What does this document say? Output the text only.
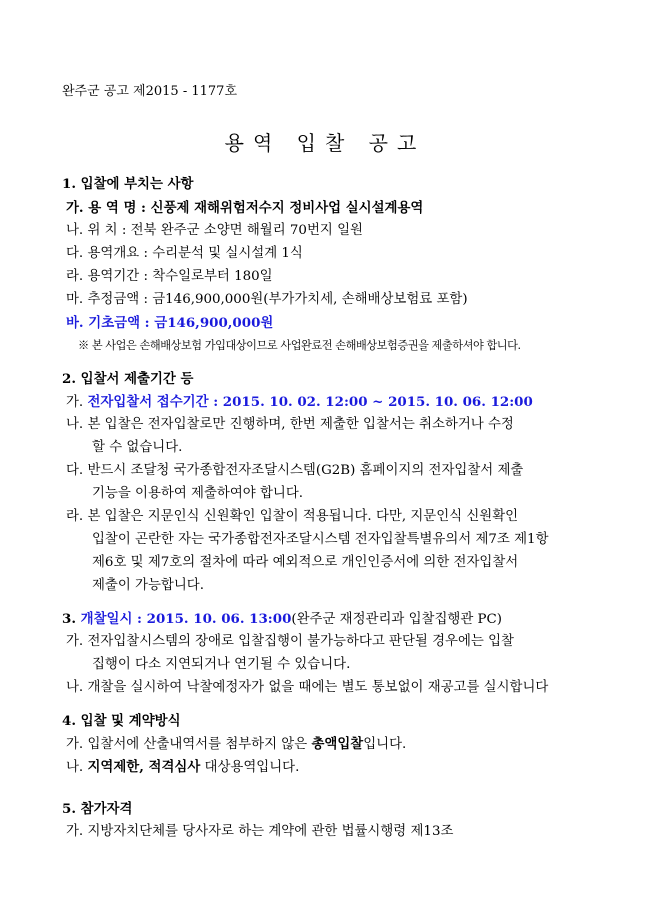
완주군 공고 제2015 - 1177호
용역 입찰 공고
1. 입찰에 부치는 사항
가. 용 역 명 : 신풍제 재해위험저수지 정비사업 실시설계용역
나. 위 치 : 전북 완주군 소양면 해월리 70번지 일원
다. 용역개요 : 수리분석 및 실시설계 1식
라. 용역기간 : 착수일로부터 180일
마. 추정금액 : 금146,900,000원(부가가치세, 손해배상보험료 포함)
바. 기초금액 : 금146,900,000원
※ 본 사업은 손해배상보험 가입대상이므로 사업완료전 손해배상보험증권을 제출하셔야 합니다.
2. 입찰서 제출기간 등
가. 전자입찰서 접수기간 : 2015. 10. 02. 12:00 ~ 2015. 10. 06. 12:00
나. 본 입찰은 전자입찰로만 진행하며, 한번 제출한 입찰서는 취소하거나 수정
할 수 없습니다.
다. 반드시 조달청 국가종합전자조달시스템(G2B) 홈페이지의 전자입찰서 제출
기능을 이용하여 제출하여야 합니다.
라. 본 입찰은 지문인식 신원확인 입찰이 적용됩니다. 다만, 지문인식 신원확인
입찰이 곤란한 자는 국가종합전자조달시스템 전자입찰특별유의서 제7조 제1항
제6호 및 제7호의 절차에 따라 예외적으로 개인인증서에 의한 전자입찰서
제출이 가능합니다.
3. 개찰일시 : 2015. 10. 06. 13:00(완주군 재정관리과 입찰집행관 PC)
가. 전자입찰시스템의 장애로 입찰집행이 불가능하다고 판단될 경우에는 입찰
집행이 다소 지연되거나 연기될 수 있습니다.
나. 개찰을 실시하여 낙찰예정자가 없을 때에는 별도 통보없이 재공고를 실시합니다
4. 입찰 및 계약방식
가. 입찰서에 산출내역서를 첨부하지 않은 총액입찰입니다.
나. 지역제한, 적격심사 대상용역입니다.
5. 참가자격
가. 지방자치단체를 당사자로 하는 계약에 관한 법률시행령 제13조
